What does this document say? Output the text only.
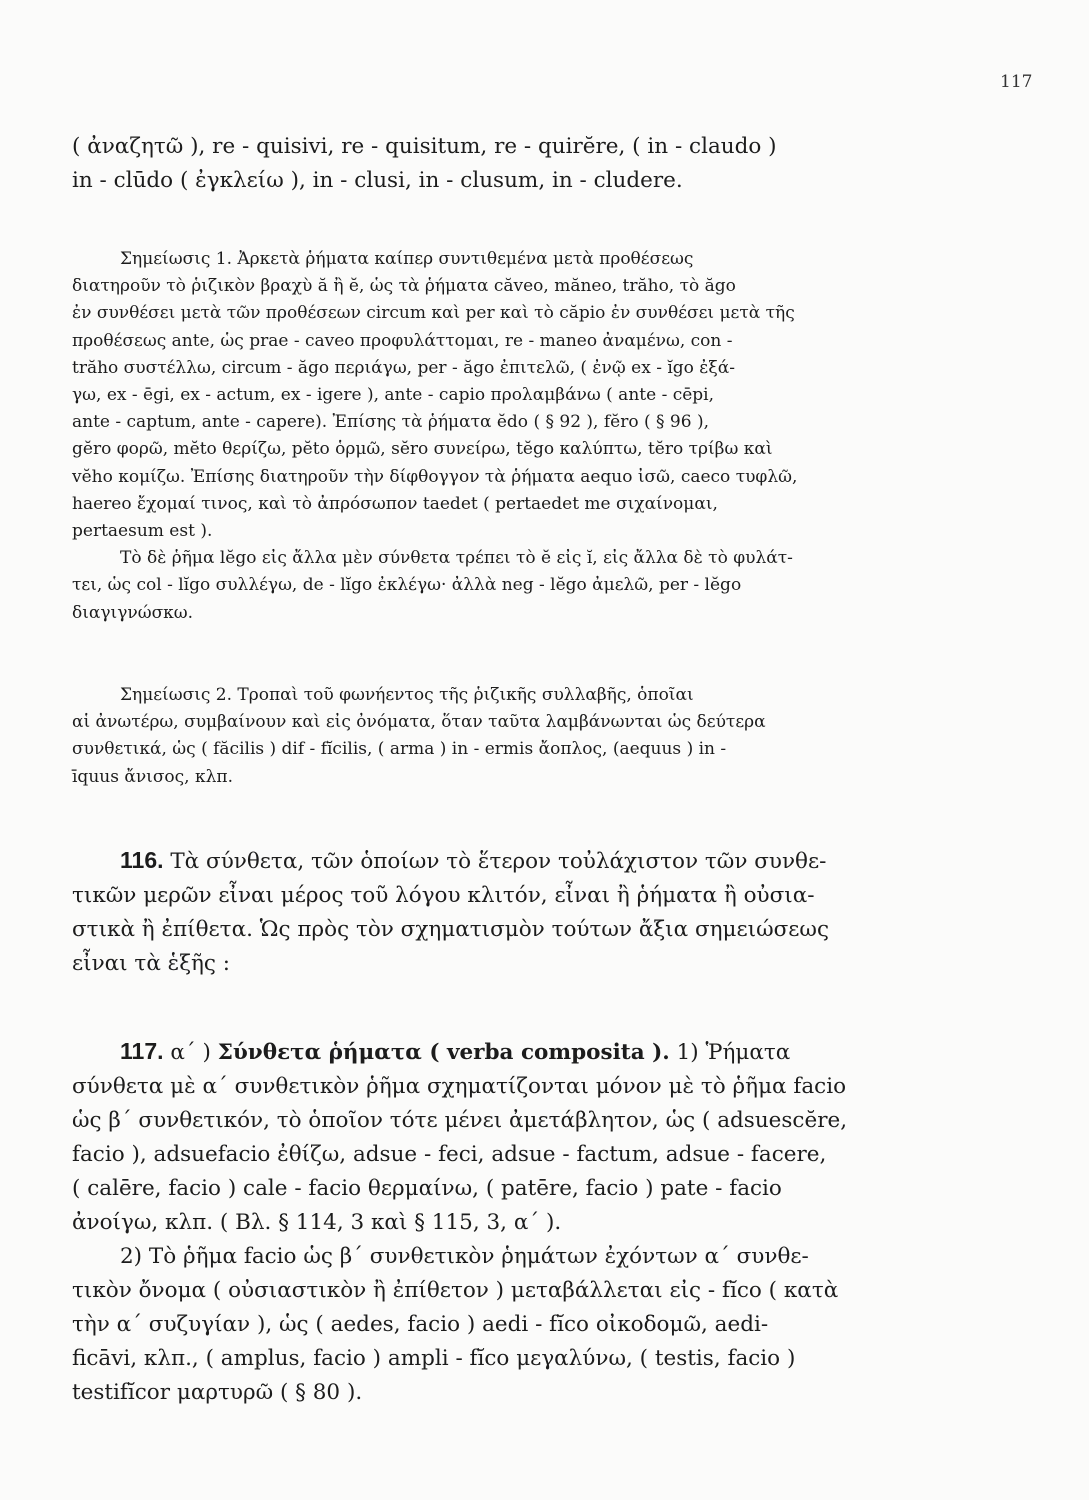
117

( ἀναζητῶ ), re - quisivi, re - quisitum, re - quirĕre, ( in - claudo )

in - clūdo ( ἐγκλείω ), in - clusi, in - clusum, in - cludere.

Σημείωσις 1. Ἀρκετὰ ῥήματα καίπερ συντιθεμένα μετὰ προθέσεως

διατηροῦν τὸ ῥιζικὸν βραχὺ ă ἢ ĕ, ὡς τὰ ῥήματα căveo, măneo, trăho, τὸ ăgo

ἐν συνθέσει μετὰ τῶν προθέσεων circum καὶ per καὶ τὸ căpio ἐν συνθέσει μετὰ τῆς

προθέσεως ante, ὡς prae - caveo προφυλάττομαι, re - maneo ἀναμένω, con -

trăho συστέλλω, circum - ăgo περιάγω, per - ăgo ἐπιτελῶ, ( ἐνῷ ex - ĭgo ἐξά-

γω, ex - ēgi, ex - actum, ex - igere ), ante - capio προλαμβάνω ( ante - cēpi,

ante - captum, ante - capere). Ἐπίσης τὰ ῥήματα ĕdo ( § 92 ), fĕro ( § 96 ),

gĕro φορῶ, mĕto θερίζω, pĕto ὁρμῶ, sĕro συνείρω, tĕgo καλύπτω, tĕro τρίβω καὶ

vĕho κομίζω. Ἐπίσης διατηροῦν τὴν δίφθογγον τὰ ῥήματα aequo ἰσῶ, caeco τυφλῶ,

haereo ἔχομαί τινος, καὶ τὸ ἀπρόσωπον taedet ( pertaedet me σιχαίνομαι,

pertaesum est ).

Τὸ δὲ ῥῆμα lĕgo εἰς ἄλλα μὲν σύνθετα τρέπει τὸ ĕ εἰς ĭ, εἰς ἄλλα δὲ τὸ φυλάτ-

τει, ὡς col - lĭgo συλλέγω, de - lĭgo ἐκλέγω· ἀλλὰ neg - lĕgo ἀμελῶ, per - lĕgo

διαγιγνώσκω.

Σημείωσις 2. Τροπαὶ τοῦ φωνήεντος τῆς ῥιζικῆς συλλαβῆς, ὁποῖαι

αἱ ἀνωτέρω, συμβαίνουν καὶ εἰς ὀνόματα, ὅταν ταῦτα λαμβάνωνται ὡς δεύτερα

συνθετικά, ὡς ( făcilis ) dif - fĭcilis, ( arma ) in - ermis ἄοπλος, (aequus ) in -

īquus ἄνισος, κλπ.

116. Τὰ σύνθετα, τῶν ὁποίων τὸ ἕτερον τοὐλάχιστον τῶν συνθε-

τικῶν μερῶν εἶναι μέρος τοῦ λόγου κλιτόν, εἶναι ἢ ῥήματα ἢ οὐσια-

στικὰ ἢ ἐπίθετα. Ὡς πρὸς τὸν σχηματισμὸν τούτων ἄξια σημειώσεως

εἶναι τὰ ἑξῆς :

117. α΄ ) Σύνθετα ῥήματα ( verba composita ). 1) Ῥήματα

σύνθετα μὲ α΄ συνθετικὸν ῥῆμα σχηματίζονται μόνον μὲ τὸ ῥῆμα facio

ὡς β΄ συνθετικόν, τὸ ὁποῖον τότε μένει ἀμετάβλητον, ὡς ( adsuescĕre,

facio ), adsuefacio ἐθίζω, adsue - feci, adsue - factum, adsue - facere,

( calēre, facio ) cale - facio θερμαίνω, ( patēre, facio ) pate - facio

ἀνοίγω, κλπ. ( Βλ. § 114, 3 καὶ § 115, 3, α΄ ).

2) Τὸ ῥῆμα facio ὡς β΄ συνθετικὸν ῥημάτων ἐχόντων α΄ συνθε-

τικὸν ὄνομα ( οὐσιαστικὸν ἢ ἐπίθετον ) μεταβάλλεται εἰς - fĭco ( κατὰ

τὴν α΄ συζυγίαν ), ὡς ( aedes, facio ) aedi - fĭco οἰκοδομῶ, aedi-

ficāvi, κλπ., ( amplus, facio ) ampli - fĭco μεγαλύνω, ( testis, facio )

testifĭcor μαρτυρῶ ( § 80 ).
